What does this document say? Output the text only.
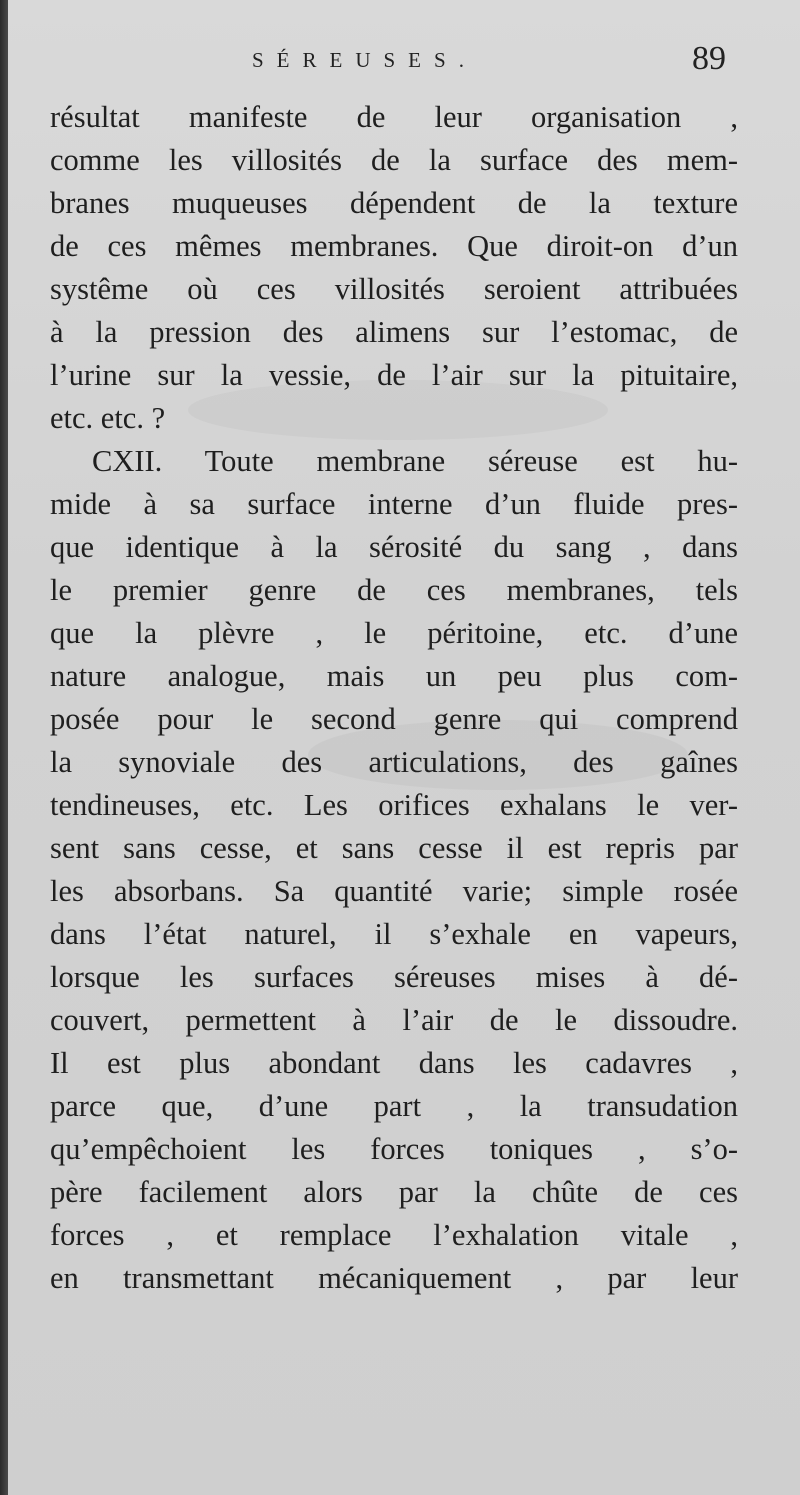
SÉREUSES.	89
résultat manifeste de leur organisation ,
comme les villosités de la surface des mem-
branes muqueuses dépendent de la texture
de ces mêmes membranes. Que diroit-on d’un
systême où ces villosités seroient attribuées
à la pression des alimens sur l’estomac, de
l’urine sur la vessie, de l’air sur la pituitaire,
etc. etc. ?
CXII. Toute membrane séreuse est hu-
mide à sa surface interne d’un fluide pres-
que identique à la sérosité du sang , dans
le premier genre de ces membranes, tels
que la plèvre , le péritoine, etc. d’une
nature analogue, mais un peu plus com-
posée pour le second genre qui comprend
la synoviale des articulations, des gaînes
tendineuses, etc. Les orifices exhalans le ver-
sent sans cesse, et sans cesse il est repris par
les absorbans. Sa quantité varie; simple rosée
dans l’état naturel, il s’exhale en vapeurs,
lorsque les surfaces séreuses mises à dé-
couvert, permettent à l’air de le dissoudre.
Il est plus abondant dans les cadavres ,
parce que, d’une part , la transudation
qu’empêchoient les forces toniques , s’o-
père facilement alors par la chûte de ces
forces , et remplace l’exhalation vitale ,
en transmettant mécaniquement , par leur
